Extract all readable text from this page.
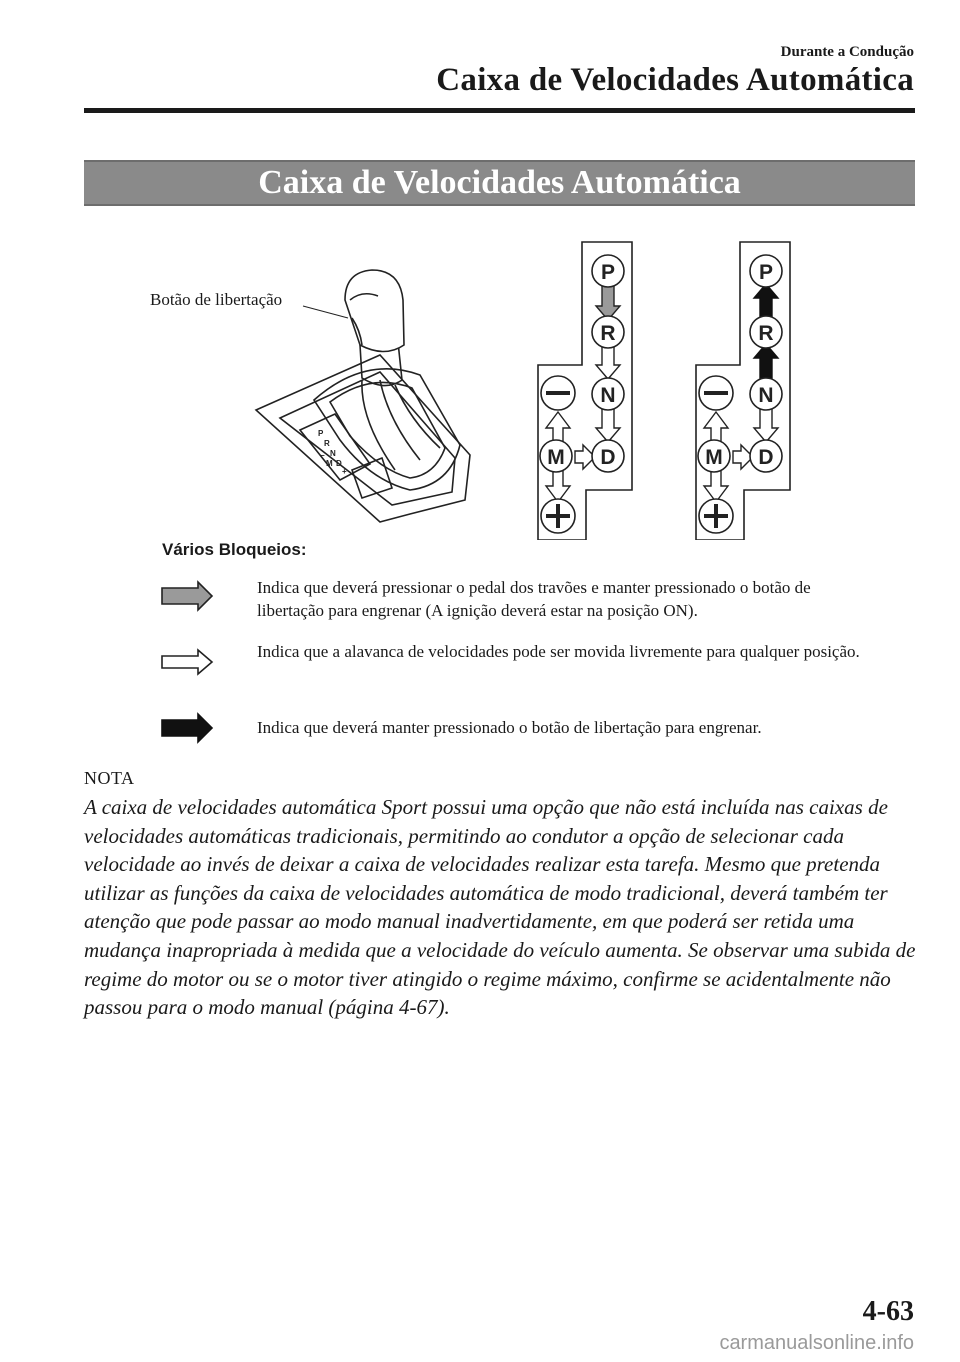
Durante a Condução
Caixa de Velocidades Automática
Caixa de Velocidades Automática
P
R
N
D
M
+
−
P
R
N
D
M
P
R
N
D
M
Botão de libertação
Vários Bloqueios:
Indica que deverá pressionar o pedal dos travões e manter pressionado o botão de libertação para engrenar (A ignição deverá estar na posição ON).
Indica que a alavanca de velocidades pode ser movida livremente para qualquer posição.
Indica que deverá manter pressionado o botão de libertação para engrenar.
NOTA
A caixa de velocidades automática Sport possui uma opção que não está incluída nas caixas de velocidades automáticas tradicionais, permitindo ao condutor a opção de selecionar cada velocidade ao invés de deixar a caixa de velocidades realizar esta tarefa. Mesmo que pretenda utilizar as funções da caixa de velocidades automática de modo tradicional, deverá também ter atenção que pode passar ao modo manual inadvertidamente, em que poderá ser retida uma mudança inapropriada à medida que a velocidade do veículo aumenta. Se observar uma subida de regime do motor ou se o motor tiver atingido o regime máximo, confirme se acidentalmente não passou para o modo manual (página 4-67).
4-63
carmanualsonline.info
